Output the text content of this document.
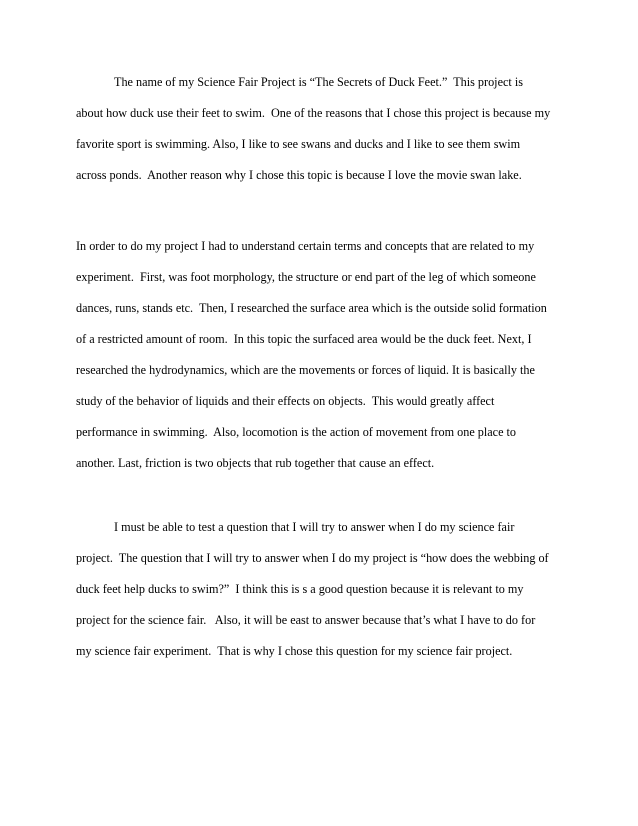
The name of my Science Fair Project is “The Secrets of Duck Feet.”  This project is

about how duck use their feet to swim.  One of the reasons that I chose this project is because my

favorite sport is swimming. Also, I like to see swans and ducks and I like to see them swim

across ponds.  Another reason why I chose this topic is because I love the movie swan lake.

In order to do my project I had to understand certain terms and concepts that are related to my

experiment.  First, was foot morphology, the structure or end part of the leg of which someone

dances, runs, stands etc.  Then, I researched the surface area which is the outside solid formation

of a restricted amount of room.  In this topic the surfaced area would be the duck feet. Next, I

researched the hydrodynamics, which are the movements or forces of liquid. It is basically the

study of the behavior of liquids and their effects on objects.  This would greatly affect

performance in swimming.  Also, locomotion is the action of movement from one place to

another. Last, friction is two objects that rub together that cause an effect.

I must be able to test a question that I will try to answer when I do my science fair

project.  The question that I will try to answer when I do my project is “how does the webbing of

duck feet help ducks to swim?”  I think this is s a good question because it is relevant to my

project for the science fair.   Also, it will be east to answer because that’s what I have to do for

my science fair experiment.  That is why I chose this question for my science fair project.
